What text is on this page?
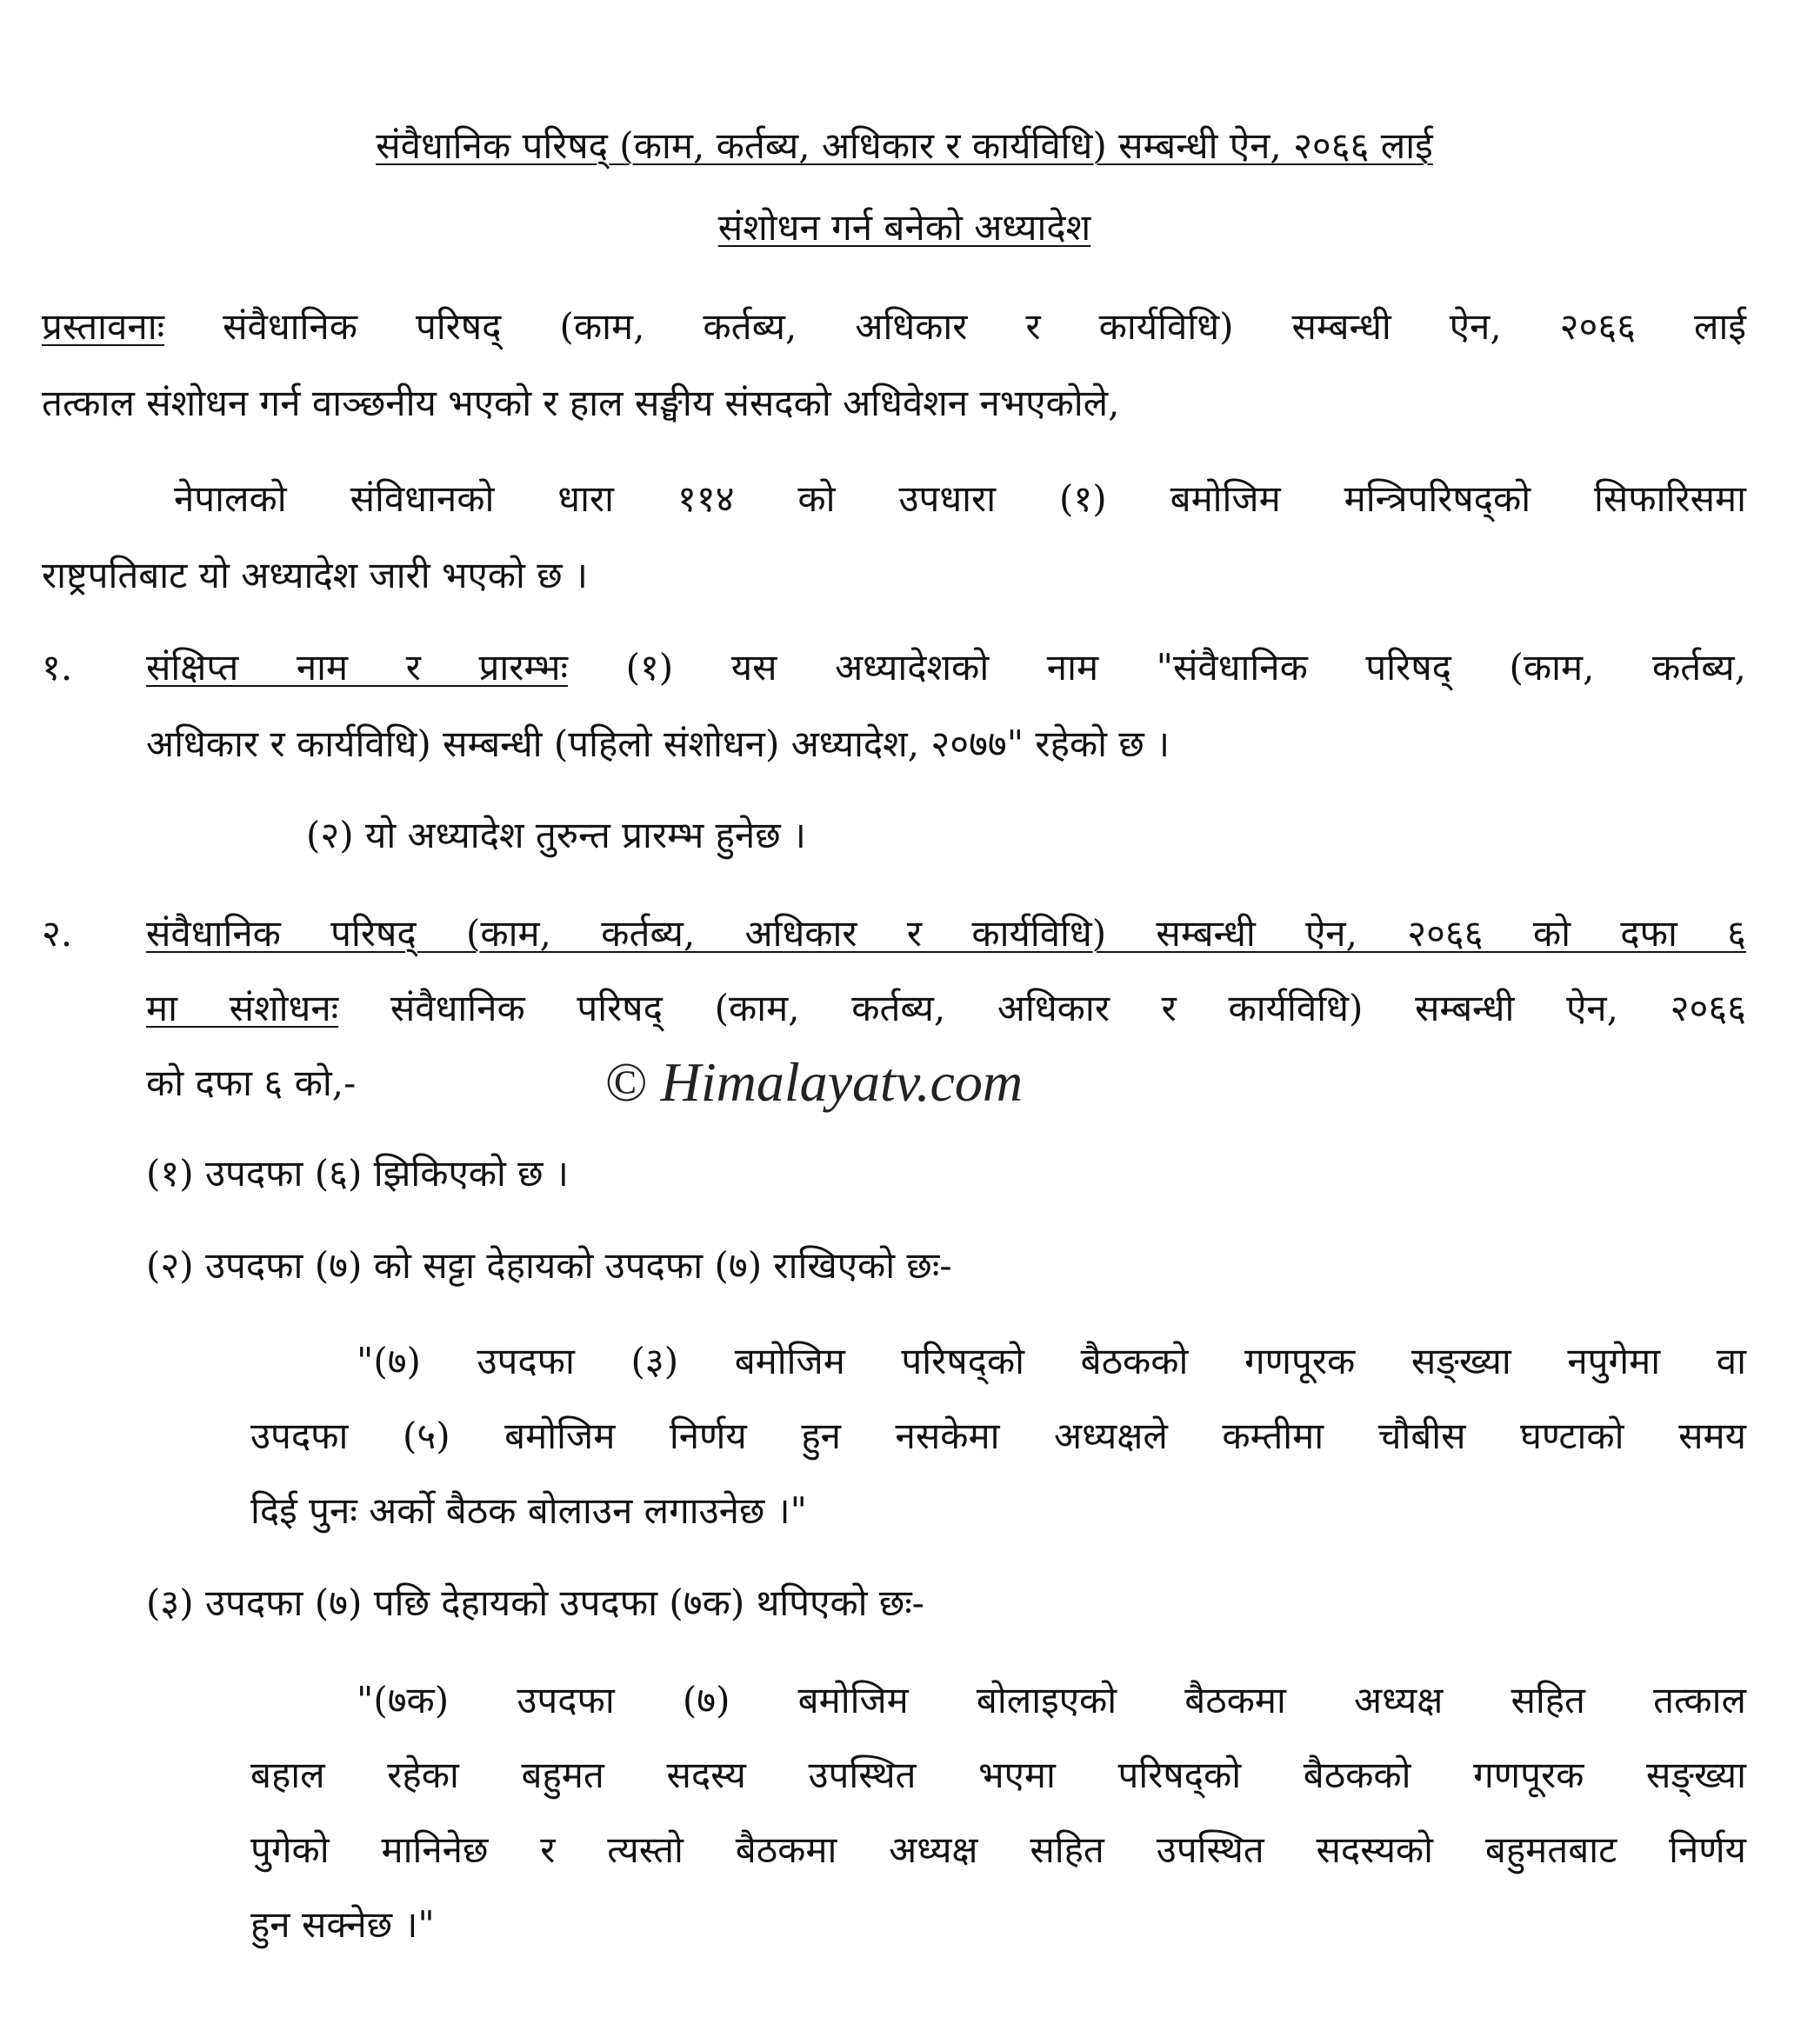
संवैधानिक परिषद् (काम, कर्तब्य, अधिकार र कार्यविधि) सम्बन्धी ऐन, २०६६ लाई
संशोधन गर्न बनेको अध्यादेश
प्रस्तावनाः संवैधानिक परिषद् (काम, कर्तब्य, अधिकार र कार्यविधि) सम्बन्धी ऐन, २०६६ लाई
तत्काल संशोधन गर्न वाञ्छनीय भएको र हाल सङ्घीय संसदको अधिवेशन नभएकोले,
नेपालको संविधानको धारा ११४ को उपधारा (१) बमोजिम मन्त्रिपरिषद्को सिफारिसमा
राष्ट्रपतिबाट यो अध्यादेश जारी भएको छ ।
१. संक्षिप्त नाम र प्रारम्भः (१) यस अध्यादेशको नाम "संवैधानिक परिषद् (काम, कर्तब्य,
अधिकार र कार्यविधि) सम्बन्धी (पहिलो संशोधन) अध्यादेश, २०७७" रहेको छ ।
(२) यो अध्यादेश तुरुन्त प्रारम्भ हुनेछ ।
२. संवैधानिक परिषद् (काम, कर्तब्य, अधिकार र कार्यविधि) सम्बन्धी ऐन, २०६६ को दफा ६
मा संशोधनः संवैधानिक परिषद् (काम, कर्तब्य, अधिकार र कार्यविधि) सम्बन्धी ऐन, २०६६
को दफा ६ को,-	© Himalayatv.com
(१) उपदफा (६) झिकिएको छ ।
(२) उपदफा (७) को सट्टा देहायको उपदफा (७) राखिएको छः-
"(७) उपदफा (३) बमोजिम परिषद्को बैठकको गणपूरक सङ्ख्या नपुगेमा वा
उपदफा (५) बमोजिम निर्णय हुन नसकेमा अध्यक्षले कम्तीमा चौबीस घण्टाको समय
दिई पुनः अर्को बैठक बोलाउन लगाउनेछ ।"
(३) उपदफा (७) पछि देहायको उपदफा (७क) थपिएको छः-
"(७क) उपदफा (७) बमोजिम बोलाइएको बैठकमा अध्यक्ष सहित तत्काल
बहाल रहेका बहुमत सदस्य उपस्थित भएमा परिषद्को बैठकको गणपूरक सङ्ख्या
पुगेको मानिनेछ र त्यस्तो बैठकमा अध्यक्ष सहित उपस्थित सदस्यको बहुमतबाट निर्णय
हुन सक्नेछ ।"
